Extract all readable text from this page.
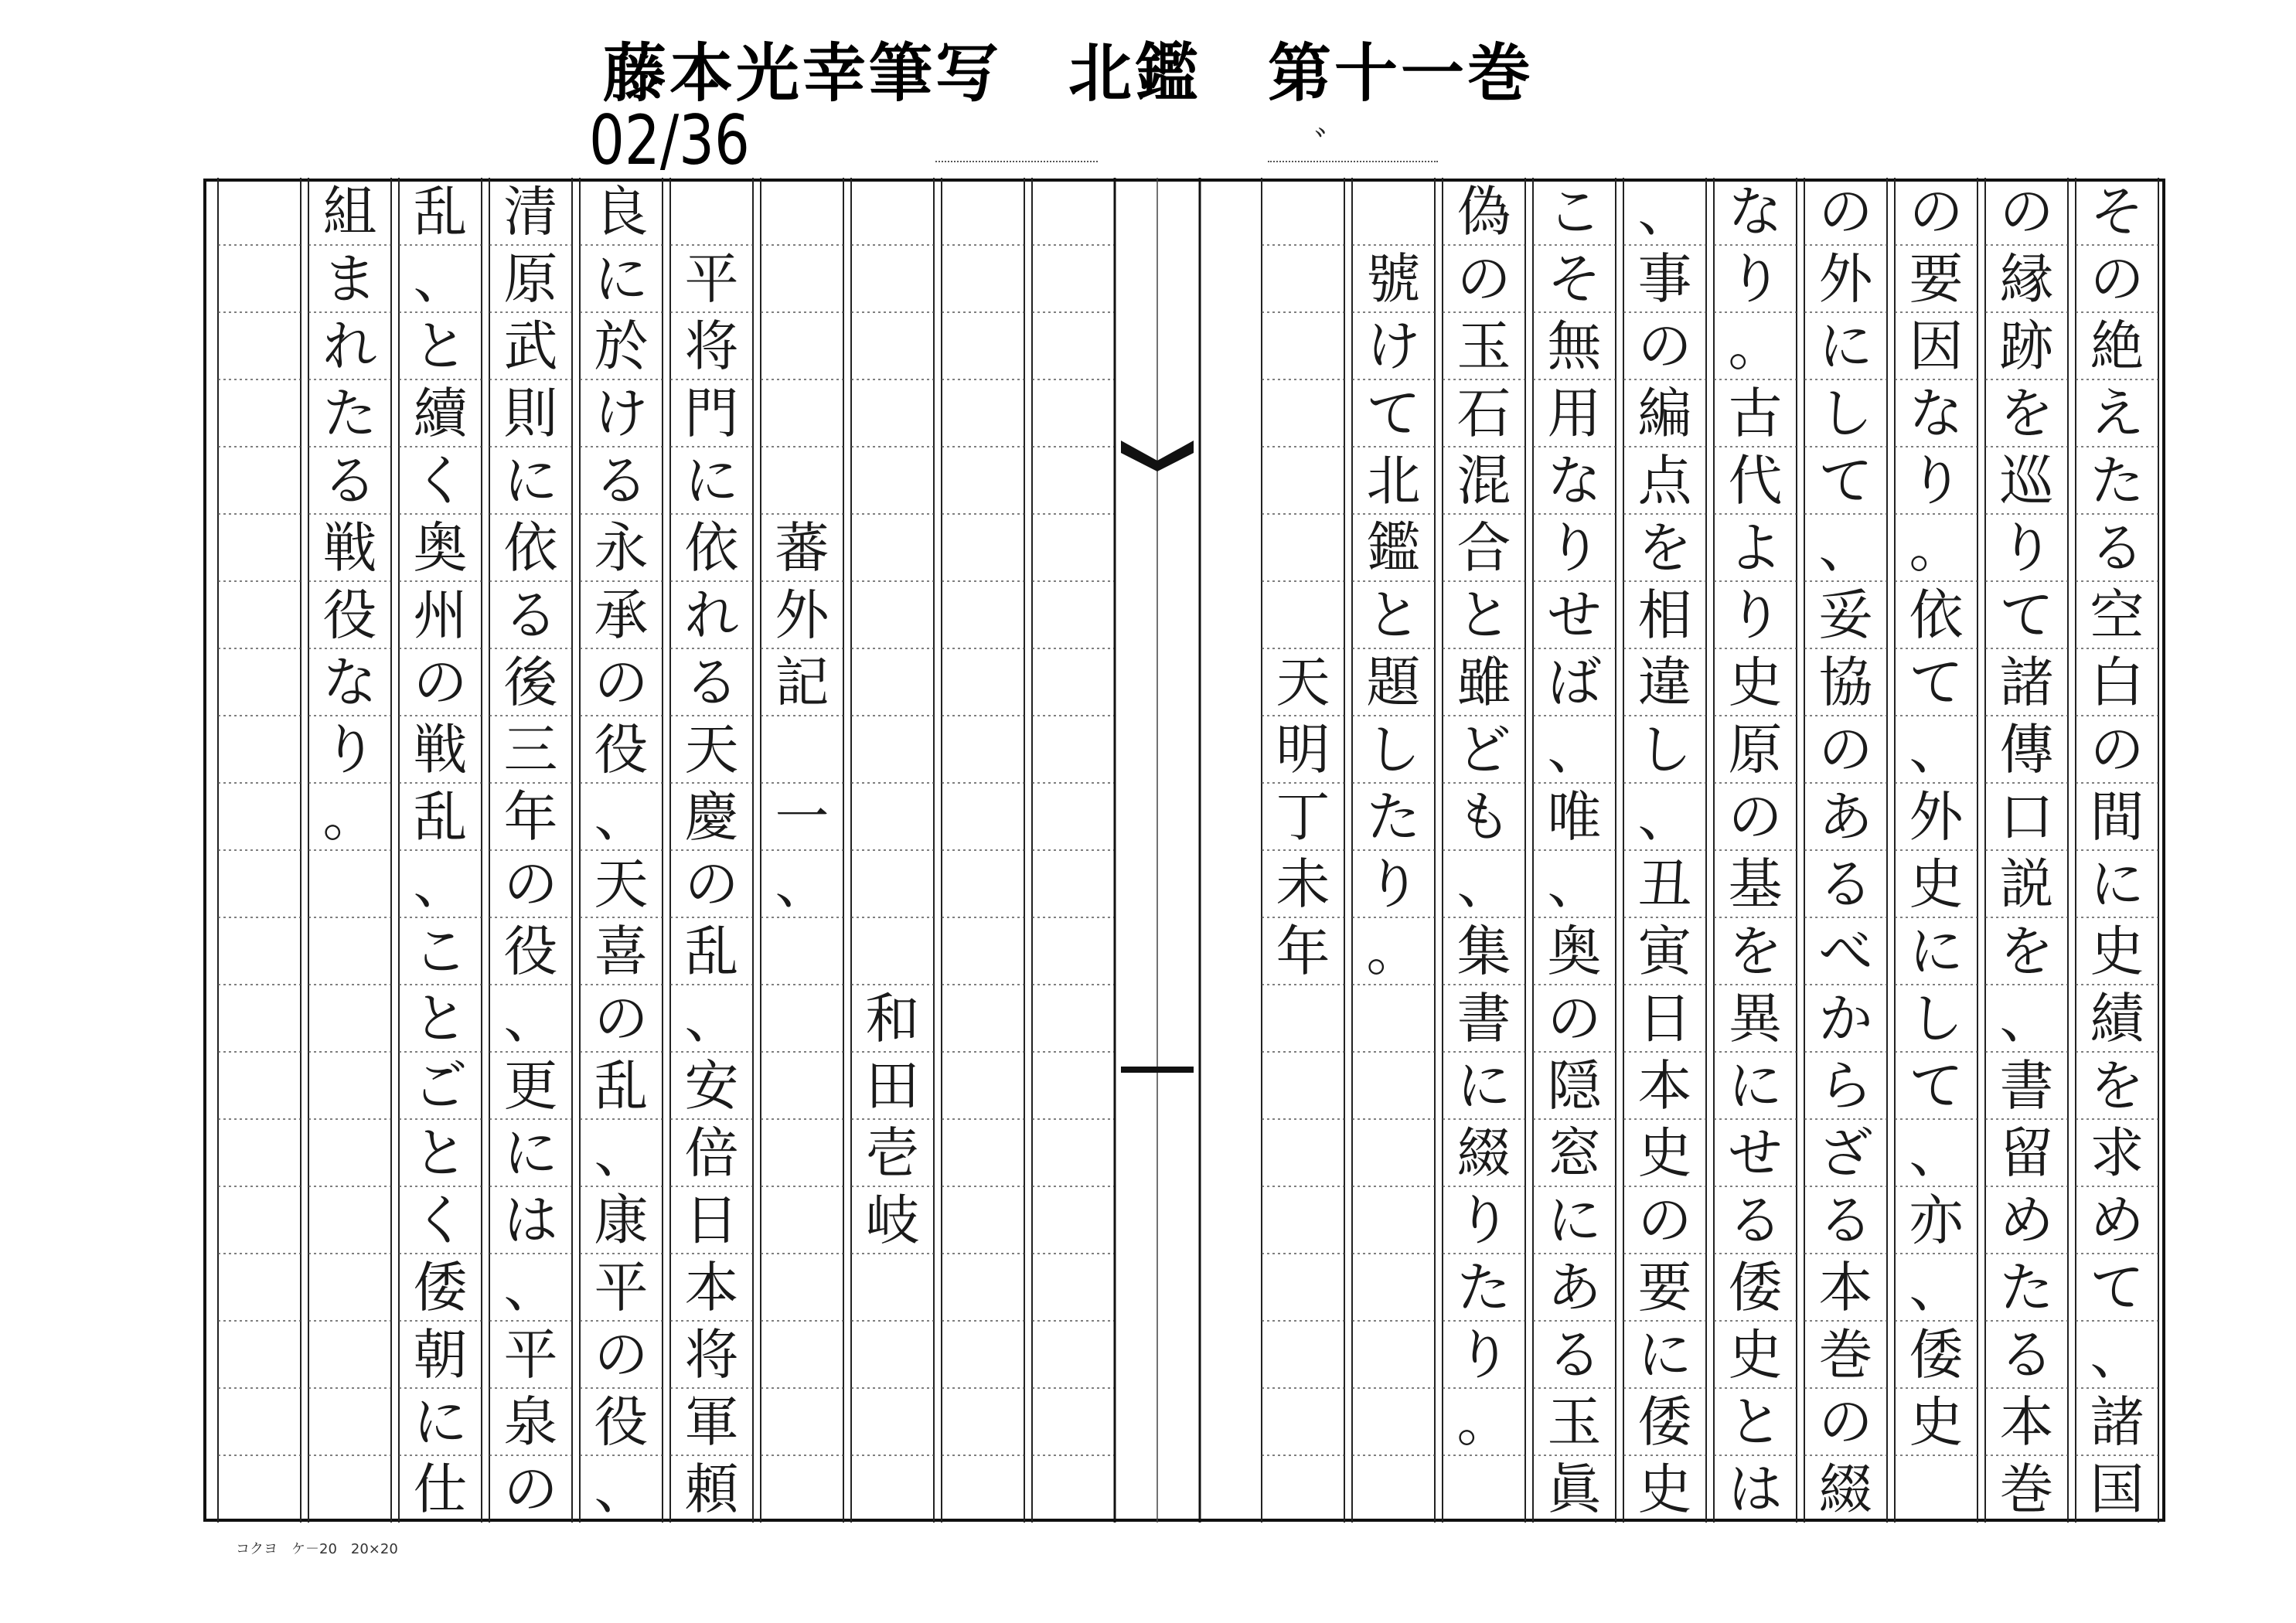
藤本光幸筆写　北鑑　第十一巻
02/36	ﾞ
そ
の
絶
え
た
る
空
白
の
間
に
史
績
を
求
め
て
、
諸
国
の
縁
跡
を
巡
り
て
諸
傳
口
説
を
、
書
留
め
た
る
本
巻
の
要
因
な
り
。
依
て
、
外
史
に
し
て
、
亦
、
倭
史
の
外
に
し
て
、
妥
協
の
あ
る
べ
か
ら
ざ
る
本
巻
の
綴
な
り
。
古
代
よ
り
史
原
の
基
を
異
に
せ
る
倭
史
と
は
、
事
の
編
点
を
相
違
し
、
丑
寅
日
本
史
の
要
に
倭
史
こ
そ
無
用
な
り
せ
ば
、
唯
、
奥
の
隠
窓
に
あ
る
玉
眞
偽
の
玉
石
混
合
と
雖
ど
も
、
集
書
に
綴
り
た
り
。
號
け
て
北
鑑
と
題
し
た
り
。
天
明
丁
未
年
和
田
壱
岐
蕃
外
記

一
、
平
将
門
に
依
れ
る
天
慶
の
乱
、
安
倍
日
本
将
軍
頼
良
に
於
け
る
永
承
の
役
、
天
喜
の
乱
、
康
平
の
役
、
清
原
武
則
に
依
る
後
三
年
の
役
、
更
に
は
、
平
泉
の
乱
、
と
續
く
奥
州
の
戦
乱
、
こ
と
ご
と
く
倭
朝
に
仕
組
ま
れ
た
る
戦
役
な
り
。
コクヨ　ケ－20　20×20
